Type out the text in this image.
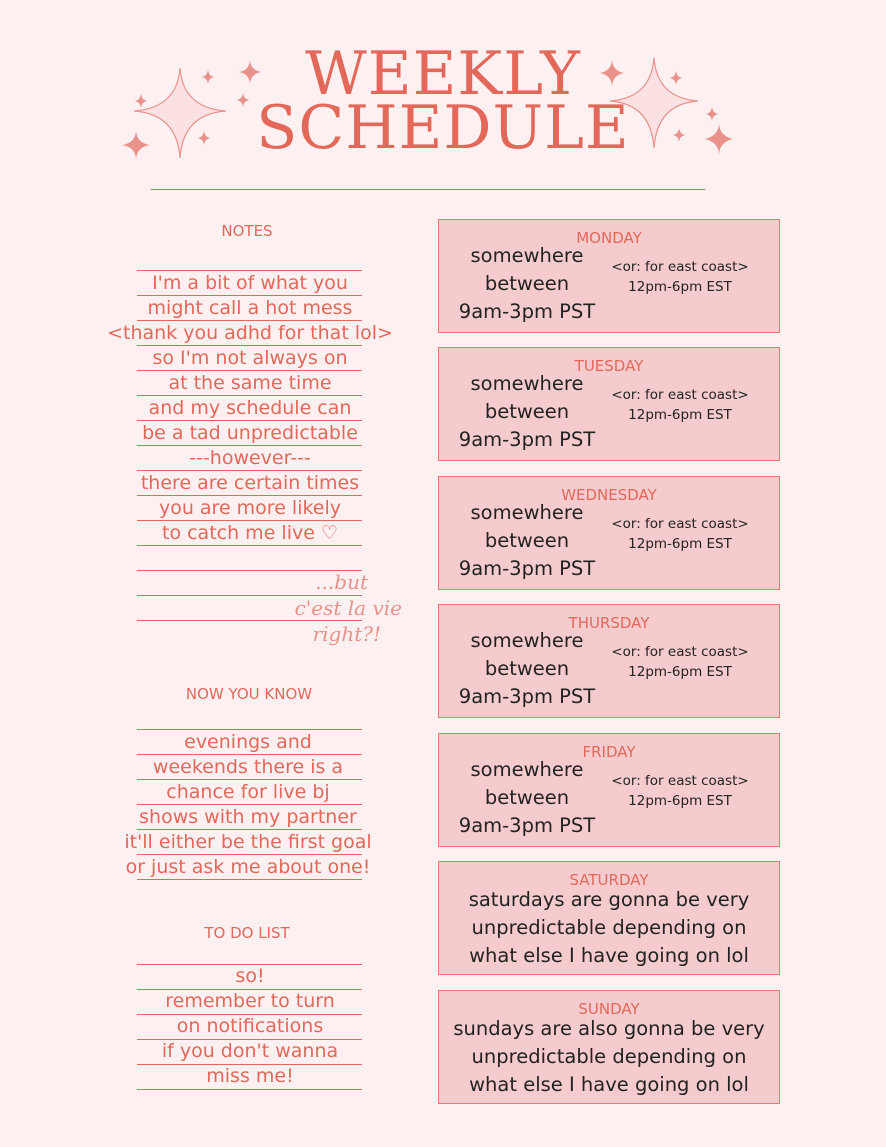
WEEKLY
SCHEDULE
NOTES
I'm a bit of what you
might call a hot mess
<thank you adhd for that lol>
so I'm not always on
at the same time
and my schedule can
be a tad unpredictable
---however---
there are certain times
you are more likely
to catch me live ♡
...but
c'est la vie
right?!
NOW YOU KNOW
evenings and
weekends there is a
chance for live bj
shows with my partner
it'll either be the first goal
or just ask me about one!
TO DO LIST
so!
remember to turn
on notifications
if you don't wanna
miss me!
MONDAY
somewhere
between
9am-3pm PST
<or: for east coast>
12pm-6pm EST
TUESDAY
somewhere
between
9am-3pm PST
<or: for east coast>
12pm-6pm EST
WEDNESDAY
somewhere
between
9am-3pm PST
<or: for east coast>
12pm-6pm EST
THURSDAY
somewhere
between
9am-3pm PST
<or: for east coast>
12pm-6pm EST
FRIDAY
somewhere
between
9am-3pm PST
<or: for east coast>
12pm-6pm EST
SATURDAY
saturdays are gonna be very
unpredictable depending on
what else I have going on lol
SUNDAY
sundays are also gonna be very
unpredictable depending on
what else I have going on lol
